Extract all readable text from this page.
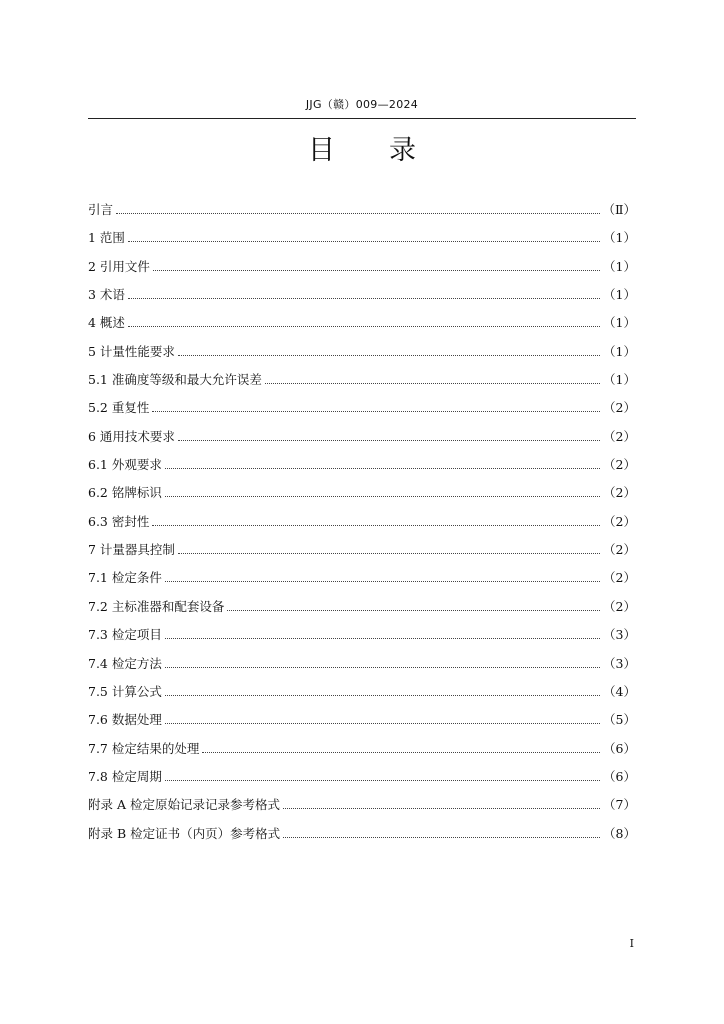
JJG（赣）009—2024
目 录
引言	（Ⅱ）
1 范围	（1）
2 引用文件	（1）
3 术语	（1）
4 概述	（1）
5 计量性能要求	（1）
5.1 准确度等级和最大允许误差	（1）
5.2 重复性	（2）
6 通用技术要求	（2）
6.1 外观要求	（2）
6.2 铭牌标识	（2）
6.3 密封性	（2）
7 计量器具控制	（2）
7.1 检定条件	（2）
7.2 主标准器和配套设备	（2）
7.3 检定项目	（3）
7.4 检定方法	（3）
7.5 计算公式	（4）
7.6 数据处理	（5）
7.7 检定结果的处理	（6）
7.8 检定周期	（6）
附录 A 检定原始记录记录参考格式	（7）
附录 B 检定证书（内页）参考格式	（8）
I
